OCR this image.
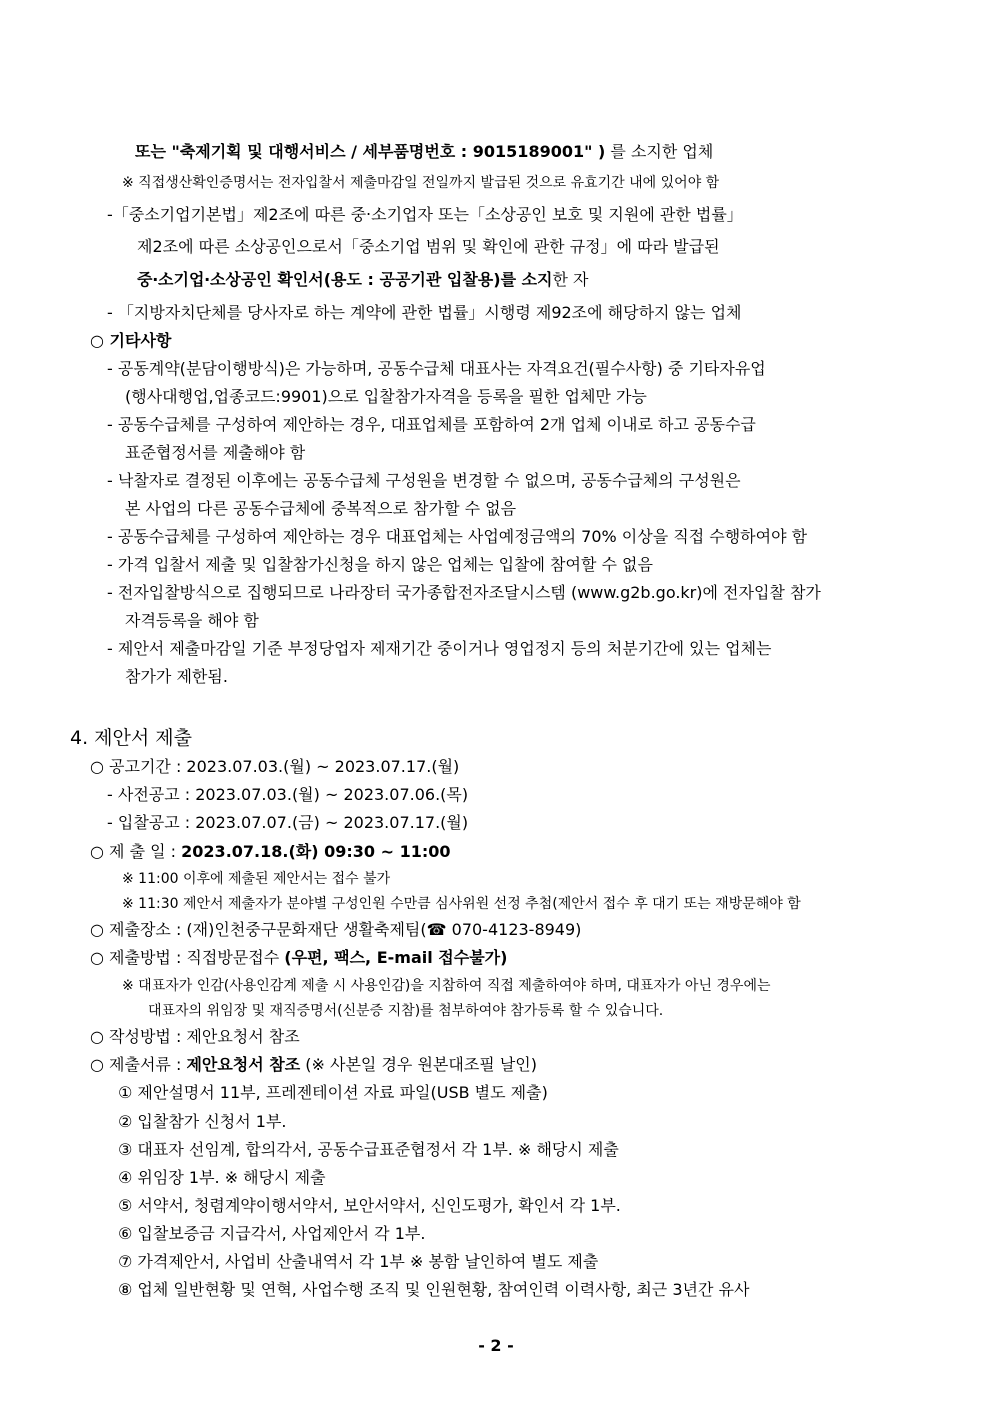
또는 "축제기획 및 대행서비스 / 세부품명번호 : 9015189001" ) 를 소지한 업체
※ 직접생산확인증명서는 전자입찰서 제출마감일 전일까지 발급된 것으로 유효기간 내에 있어야 함
-「중소기업기본법」제2조에 따른 중‧소기업자 또는「소상공인 보호 및 지원에 관한 법률」
제2조에 따른 소상공인으로서「중소기업 범위 및 확인에 관한 규정」에 따라 발급된
중‧소기업‧소상공인 확인서(용도 : 공공기관 입찰용)를 소지한 자
- 「지방자치단체를 당사자로 하는 계약에 관한 법률」시행령 제92조에 해당하지 않는 업체
○ 기타사항
- 공동계약(분담이행방식)은 가능하며, 공동수급체 대표사는 자격요건(필수사항) 중 기타자유업
(행사대행업,업종코드:9901)으로 입찰참가자격을 등록을 필한 업체만 가능
- 공동수급체를 구성하여 제안하는 경우, 대표업체를 포함하여 2개 업체 이내로 하고 공동수급
표준협정서를 제출해야 함
- 낙찰자로 결정된 이후에는 공동수급체 구성원을 변경할 수 없으며, 공동수급체의 구성원은
본 사업의 다른 공동수급체에 중복적으로 참가할 수 없음
- 공동수급체를 구성하여 제안하는 경우 대표업체는 사업예정금액의 70% 이상을 직접 수행하여야 함
- 가격 입찰서 제출 및 입찰참가신청을 하지 않은 업체는 입찰에 참여할 수 없음
- 전자입찰방식으로 집행되므로 나라장터 국가종합전자조달시스템 (www.g2b.go.kr)에 전자입찰 참가
자격등록을 해야 함
- 제안서 제출마감일 기준 부정당업자 제재기간 중이거나 영업정지 등의 처분기간에 있는 업체는
참가가 제한됨.
4. 제안서 제출
○ 공고기간 : 2023.07.03.(월) ~ 2023.07.17.(월)
- 사전공고 : 2023.07.03.(월) ~ 2023.07.06.(목)
- 입찰공고 : 2023.07.07.(금) ~ 2023.07.17.(월)
○ 제 출 일 : 2023.07.18.(화) 09:30 ~ 11:00
※ 11:00 이후에 제출된 제안서는 접수 불가
※ 11:30 제안서 제출자가 분야별 구성인원 수만큼 심사위원 선정 추첨(제안서 접수 후 대기 또는 재방문해야 함
○ 제출장소 : (재)인천중구문화재단 생활축제팀(☎ 070-4123-8949)
○ 제출방법 : 직접방문접수 (우편, 팩스, E-mail 접수불가)
※ 대표자가 인감(사용인감계 제출 시 사용인감)을 지참하여 직접 제출하여야 하며, 대표자가 아닌 경우에는
대표자의 위임장 및 재직증명서(신분증 지참)를 첨부하여야 참가등록 할 수 있습니다.
○ 작성방법 : 제안요청서 참조
○ 제출서류 : 제안요청서 참조 (※ 사본일 경우 원본대조필 날인)
① 제안설명서 11부, 프레젠테이션 자료 파일(USB 별도 제출)
② 입찰참가 신청서 1부.
③ 대표자 선임계, 합의각서, 공동수급표준협정서 각 1부. ※ 해당시 제출
④ 위임장 1부. ※ 해당시 제출
⑤ 서약서, 청렴계약이행서약서, 보안서약서, 신인도평가, 확인서 각 1부.
⑥ 입찰보증금 지급각서, 사업제안서 각 1부.
⑦ 가격제안서, 사업비 산출내역서 각 1부 ※ 봉함 날인하여 별도 제출
⑧ 업체 일반현황 및 연혁, 사업수행 조직 및 인원현황, 참여인력 이력사항, 최근 3년간 유사
- 2 -
